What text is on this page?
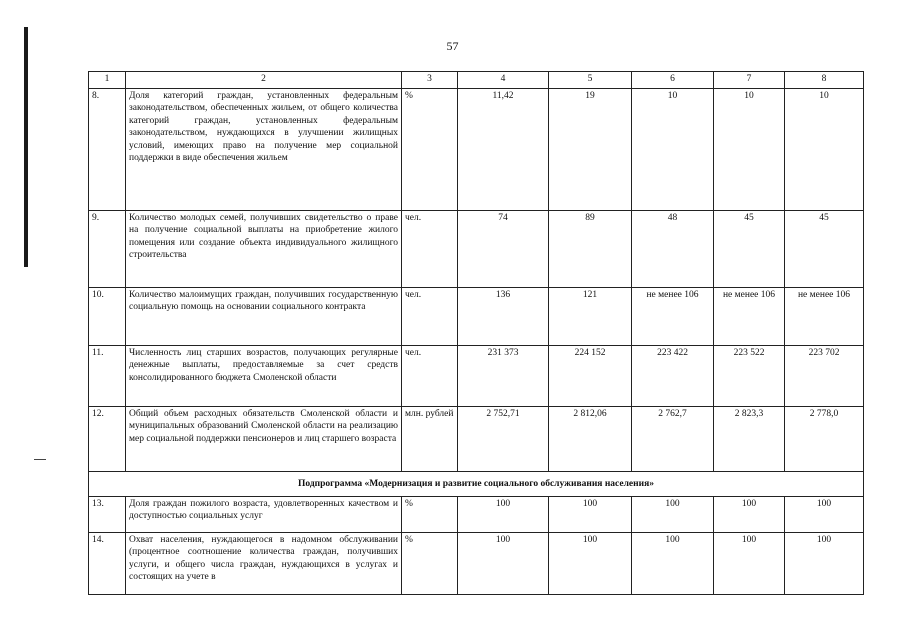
57
1	2	3	4	5	6	7	8
8.	Доля категорий граждан, установленных федеральным законодательством, обеспеченных жильем, от общего количества категорий граждан, установленных федеральным законодательством, нуждающихся в улучшении жилищных условий, имеющих право на получение мер социальной поддержки в виде обеспечения жильем	%	11,42	19	10	10	10
9.	Количество молодых семей, получивших свидетельство о праве на получение социальной выплаты на приобретение жилого помещения или создание объекта индивидуального жилищного строительства	чел.	74	89	48	45	45
10.	Количество малоимущих граждан, получивших государственную социальную помощь на основании социального контракта	чел.	136	121	не менее 106	не менее 106	не менее 106
11.	Численность лиц старших возрастов, получающих регулярные денежные выплаты, предоставляемые за счет средств консолидированного бюджета Смоленской области	чел.	231 373	224 152	223 422	223 522	223 702
12.	Общий объем расходных обязательств Смоленской области и муниципальных образований Смоленской области на реализацию мер социальной поддержки пенсионеров и лиц старшего возраста	млн. рублей	2 752,71	2 812,06	2 762,7	2 823,3	2 778,0
Подпрограмма «Модернизация и развитие социального обслуживания населения»							
13.	Доля граждан пожилого возраста, удовлетворенных качеством и доступностью социальных услуг	%	100	100	100	100	100
14.	Охват населения, нуждающегося в надомном обслуживании (процентное соотношение количества граждан, получивших услуги, и общего числа граждан, нуждающихся в услугах и состоящих на учете в	%	100	100	100	100	100
